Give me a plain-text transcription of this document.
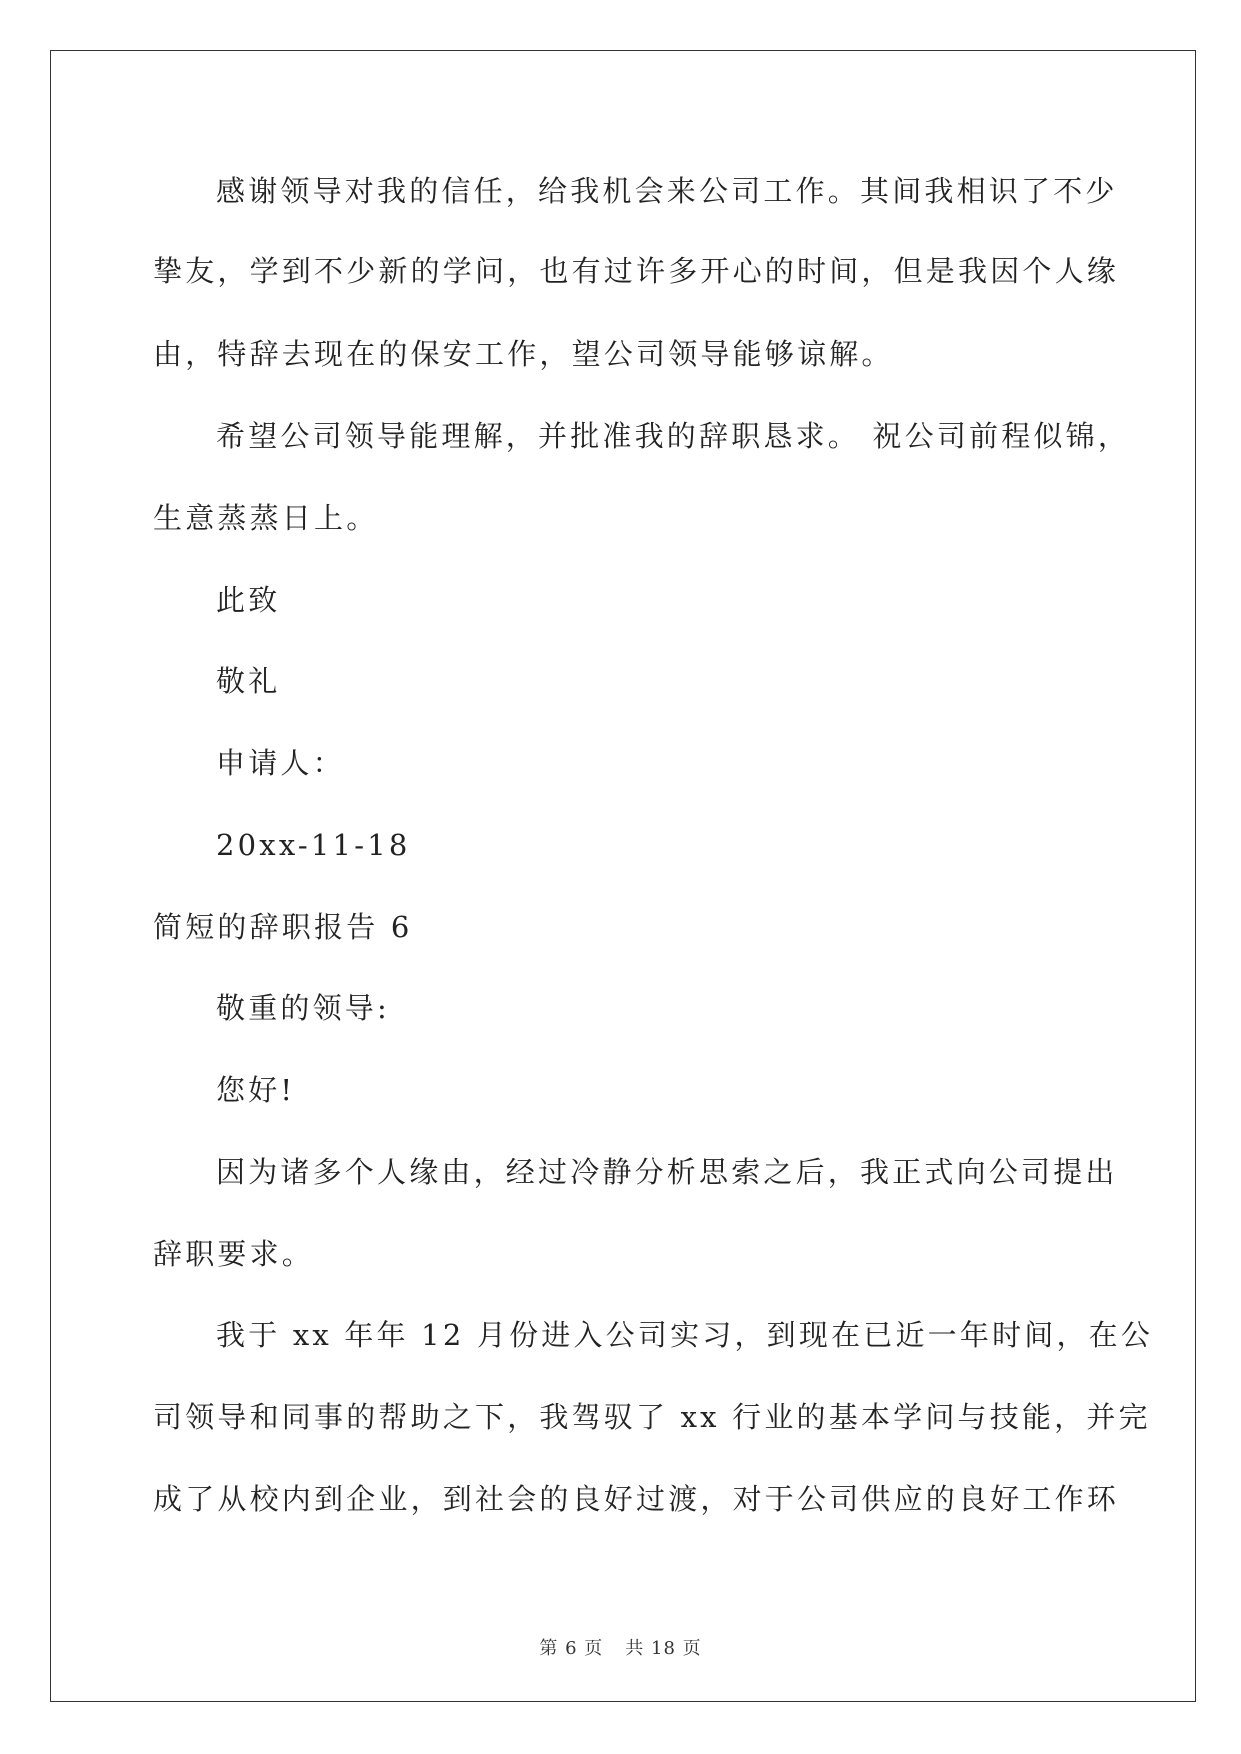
感谢领导对我的信任，给我机会来公司工作。其间我相识了不少
挚友，学到不少新的学问，也有过许多开心的时间，但是我因个人缘
由，特辞去现在的保安工作，望公司领导能够谅解。
希望公司领导能理解，并批准我的辞职恳求。 祝公司前程似锦，
生意蒸蒸日上。
此致
敬礼
申请人：
20xx-11-18
简短的辞职报告 6
敬重的领导:
您好!
因为诸多个人缘由，经过冷静分析思索之后，我正式向公司提出
辞职要求。
我于 xx 年年 12 月份进入公司实习，到现在已近一年时间，在公
司领导和同事的帮助之下，我驾驭了 xx 行业的基本学问与技能，并完
成了从校内到企业，到社会的良好过渡，对于公司供应的良好工作环
第 6 页 共 18 页
